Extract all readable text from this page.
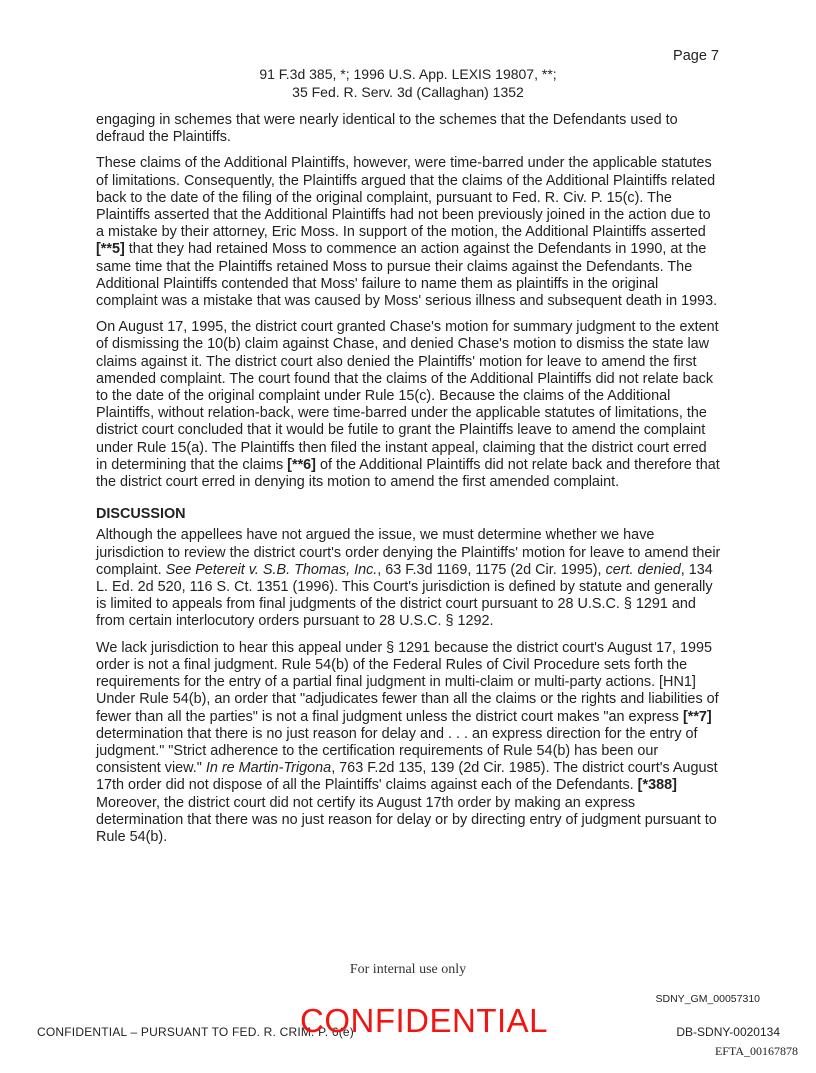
Page 7
91 F.3d 385, *; 1996 U.S. App. LEXIS 19807, **;
35 Fed. R. Serv. 3d (Callaghan) 1352

engaging in schemes that were nearly identical to the schemes that the Defendants used to defraud the Plaintiffs.

These claims of the Additional Plaintiffs, however, were time-barred under the applicable statutes of limitations. Consequently, the Plaintiffs argued that the claims of the Additional Plaintiffs related back to the date of the filing of the original complaint, pursuant to Fed. R. Civ. P. 15(c). The Plaintiffs asserted that the Additional Plaintiffs had not been previously joined in the action due to a mistake by their attorney, Eric Moss. In support of the motion, the Additional Plaintiffs asserted [**5] that they had retained Moss to commence an action against the Defendants in 1990, at the same time that the Plaintiffs retained Moss to pursue their claims against the Defendants. The Additional Plaintiffs contended that Moss' failure to name them as plaintiffs in the original complaint was a mistake that was caused by Moss' serious illness and subsequent death in 1993.

On August 17, 1995, the district court granted Chase's motion for summary judgment to the extent of dismissing the 10(b) claim against Chase, and denied Chase's motion to dismiss the state law claims against it. The district court also denied the Plaintiffs' motion for leave to amend the first amended complaint. The court found that the claims of the Additional Plaintiffs did not relate back to the date of the original complaint under Rule 15(c). Because the claims of the Additional Plaintiffs, without relation-back, were time-barred under the applicable statutes of limitations, the district court concluded that it would be futile to grant the Plaintiffs leave to amend the complaint under Rule 15(a). The Plaintiffs then filed the instant appeal, claiming that the district court erred in determining that the claims [**6] of the Additional Plaintiffs did not relate back and therefore that the district court erred in denying its motion to amend the first amended complaint.

DISCUSSION

Although the appellees have not argued the issue, we must determine whether we have jurisdiction to review the district court's order denying the Plaintiffs' motion for leave to amend their complaint. See Petereit v. S.B. Thomas, Inc., 63 F.3d 1169, 1175 (2d Cir. 1995), cert. denied, 134 L. Ed. 2d 520, 116 S. Ct. 1351 (1996). This Court's jurisdiction is defined by statute and generally is limited to appeals from final judgments of the district court pursuant to 28 U.S.C. § 1291 and from certain interlocutory orders pursuant to 28 U.S.C. § 1292.

We lack jurisdiction to hear this appeal under § 1291 because the district court's August 17, 1995 order is not a final judgment. Rule 54(b) of the Federal Rules of Civil Procedure sets forth the requirements for the entry of a partial final judgment in multi-claim or multi-party actions. [HN1] Under Rule 54(b), an order that "adjudicates fewer than all the claims or the rights and liabilities of fewer than all the parties" is not a final judgment unless the district court makes "an express [**7] determination that there is no just reason for delay and . . . an express direction for the entry of judgment." "Strict adherence to the certification requirements of Rule 54(b) has been our consistent view." In re Martin-Trigona, 763 F.2d 135, 139 (2d Cir. 1985). The district court's August 17th order did not dispose of all the Plaintiffs' claims against each of the Defendants. [*388] Moreover, the district court did not certify its August 17th order by making an express determination that there was no just reason for delay or by directing entry of judgment pursuant to Rule 54(b).

For internal use only
SDNY_GM_00057310
CONFIDENTIAL – PURSUANT TO FED. R. CRIM. P. 6(e)
CONFIDENTIAL	DB-SDNY-0020134
EFTA_00167878
